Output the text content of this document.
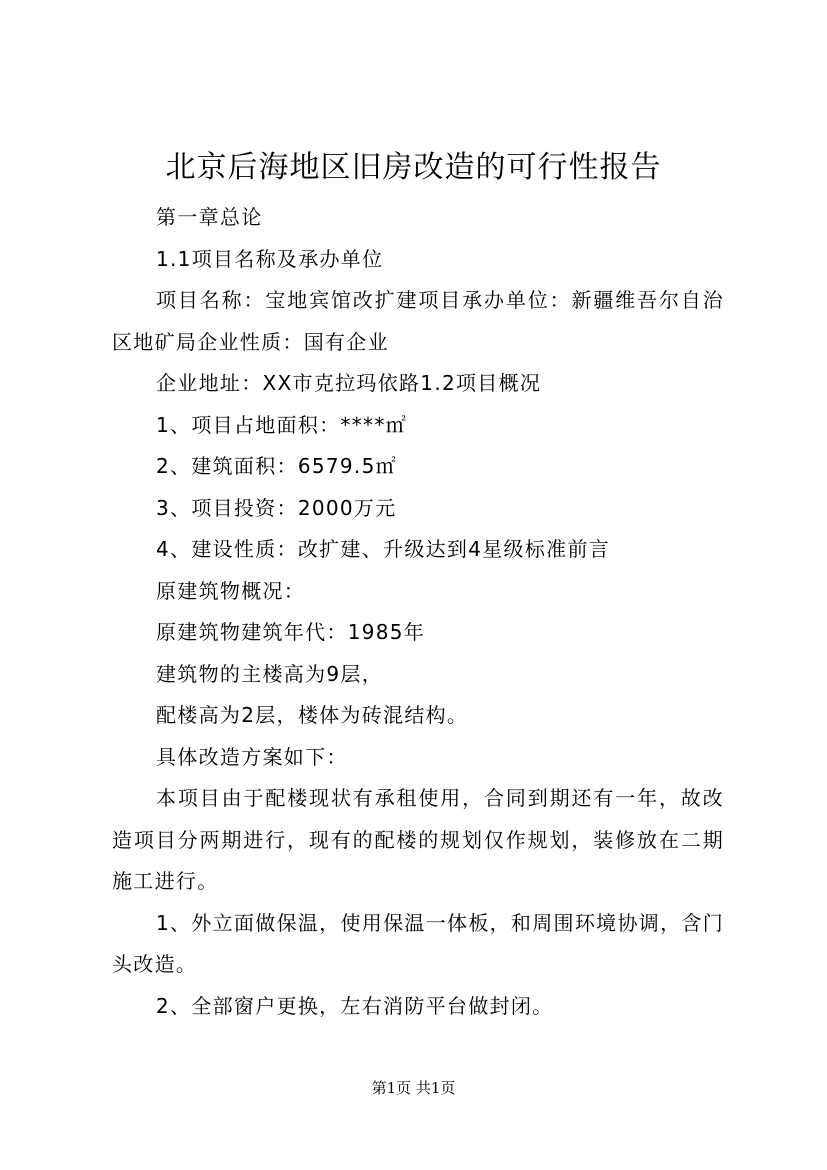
北京后海地区旧房改造的可行性报告

第一章总论

1.1项目名称及承办单位

项目名称：宝地宾馆改扩建项目承办单位：新疆维吾尔自治区地矿局企业性质：国有企业

企业地址：XX市克拉玛依路1.2项目概况

1、项目占地面积：****㎡

2、建筑面积：6579.5㎡

3、项目投资：2000万元

4、建设性质：改扩建、升级达到4星级标准前言

原建筑物概况：

原建筑物建筑年代：1985年

建筑物的主楼高为9层，

配楼高为2层，楼体为砖混结构。

具体改造方案如下：

本项目由于配楼现状有承租使用，合同到期还有一年，故改造项目分两期进行，现有的配楼的规划仅作规划，装修放在二期施工进行。

1、外立面做保温，使用保温一体板，和周围环境协调，含门头改造。

2、全部窗户更换，左右消防平台做封闭。

第1页 共1页
